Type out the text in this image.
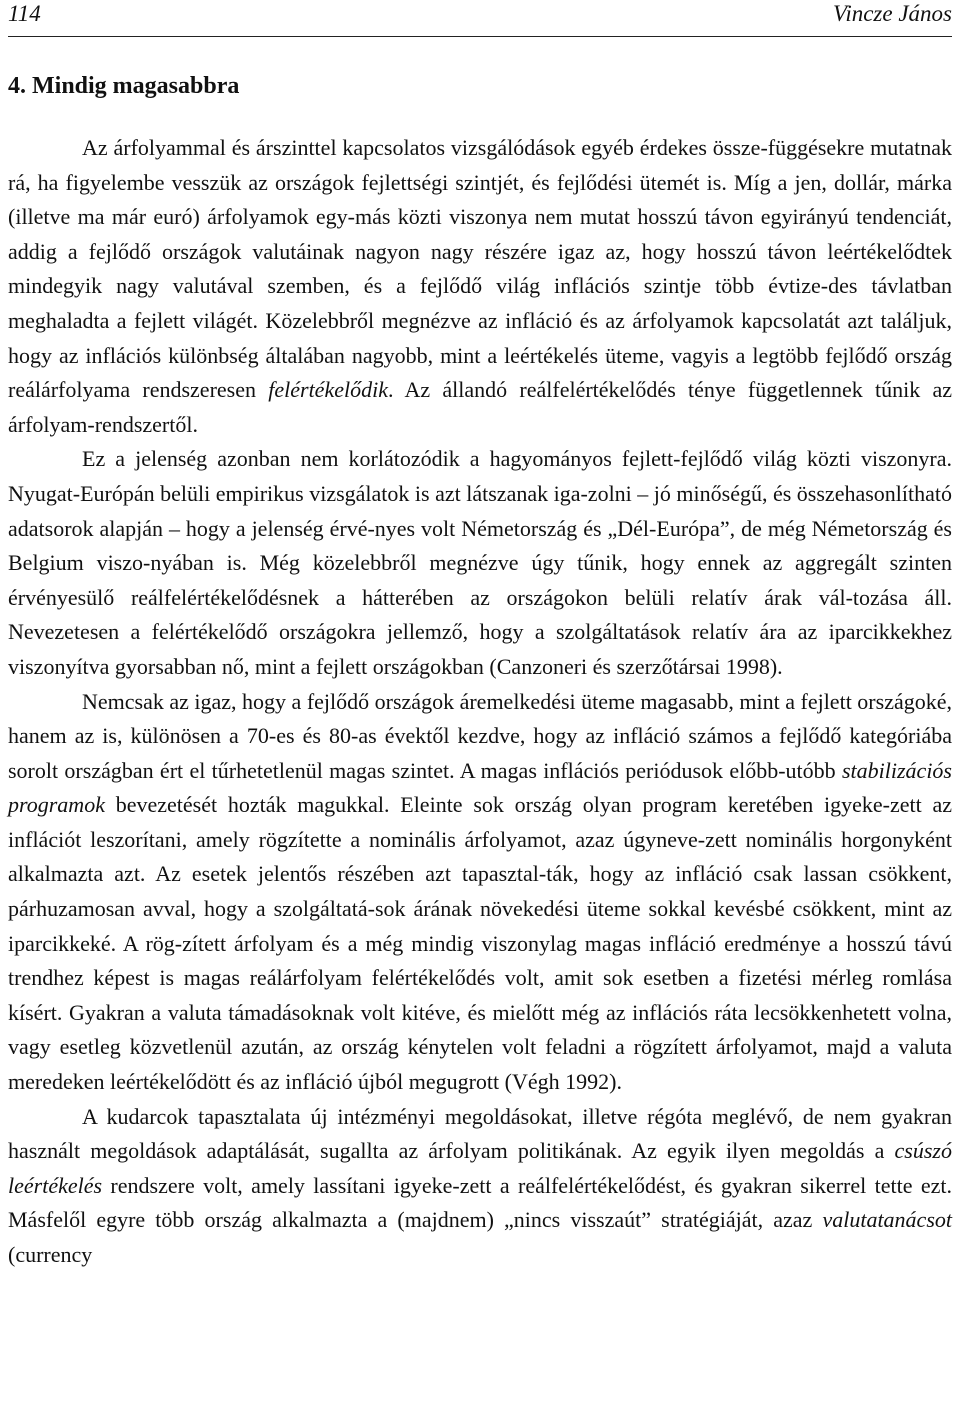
114	Vincze János
4. Mindig magasabbra

Az árfolyammal és árszinttel kapcsolatos vizsgálódások egyéb érdekes össze-függésekre mutatnak rá, ha figyelembe vesszük az országok fejlettségi szintjét, és fejlődési ütemét is. Míg a jen, dollár, márka (illetve ma már euró) árfolyamok egy-más közti viszonya nem mutat hosszú távon egyirányú tendenciát, addig a fejlődő országok valutáinak nagyon nagy részére igaz az, hogy hosszú távon leértékelődtek mindegyik nagy valutával szemben, és a fejlődő világ inflációs szintje több évtize-des távlatban meghaladta a fejlett világét. Közelebbről megnézve az infláció és az árfolyamok kapcsolatát azt találjuk, hogy az inflációs különbség általában nagyobb, mint a leértékelés üteme, vagyis a legtöbb fejlődő ország reálárfolyama rendszeresen felértékelődik. Az állandó reálfelértékelődés ténye függetlennek tűnik az árfolyam-rendszertől.

Ez a jelenség azonban nem korlátozódik a hagyományos fejlett-fejlődő világ közti viszonyra. Nyugat-Európán belüli empirikus vizsgálatok is azt látszanak iga-zolni – jó minőségű, és összehasonlítható adatsorok alapján – hogy a jelenség érvé-nyes volt Németország és „Dél-Európa”, de még Németország és Belgium viszo-nyában is. Még közelebbről megnézve úgy tűnik, hogy ennek az aggregált szinten érvényesülő reálfelértékelődésnek a hátterében az országokon belüli relatív árak vál-tozása áll. Nevezetesen a felértékelődő országokra jellemző, hogy a szolgáltatások relatív ára az iparcikkekhez viszonyítva gyorsabban nő, mint a fejlett országokban (Canzoneri és szerzőtársai 1998).

Nemcsak az igaz, hogy a fejlődő országok áremelkedési üteme magasabb, mint a fejlett országoké, hanem az is, különösen a 70-es és 80-as évektől kezdve, hogy az infláció számos a fejlődő kategóriába sorolt országban ért el tűrhetetlenül magas szintet. A magas inflációs periódusok előbb-utóbb stabilizációs programok bevezetését hozták magukkal. Eleinte sok ország olyan program keretében igyeke-zett az inflációt leszorítani, amely rögzítette a nominális árfolyamot, azaz úgyneve-zett nominális horgonyként alkalmazta azt. Az esetek jelentős részében azt tapasztal-ták, hogy az infláció csak lassan csökkent, párhuzamosan avval, hogy a szolgáltatá-sok árának növekedési üteme sokkal kevésbé csökkent, mint az iparcikkeké. A rög-zített árfolyam és a még mindig viszonylag magas infláció eredménye a hosszú távú trendhez képest is magas reálárfolyam felértékelődés volt, amit sok esetben a fizetési mérleg romlása kísért. Gyakran a valuta támadásoknak volt kitéve, és mielőtt még az inflációs ráta lecsökkenhetett volna, vagy esetleg közvetlenül azután, az ország kénytelen volt feladni a rögzített árfolyamot, majd a valuta meredeken leértékelődött és az infláció újból megugrott (Végh 1992).

A kudarcok tapasztalata új intézményi megoldásokat, illetve régóta meglévő, de nem gyakran használt megoldások adaptálását, sugallta az árfolyam politikának. Az egyik ilyen megoldás a csúszó leértékelés rendszere volt, amely lassítani igyeke-zett a reálfelértékelődést, és gyakran sikerrel tette ezt. Másfelől egyre több ország alkalmazta a (majdnem) „nincs visszaút” stratégiáját, azaz valutatanácsot (currency
